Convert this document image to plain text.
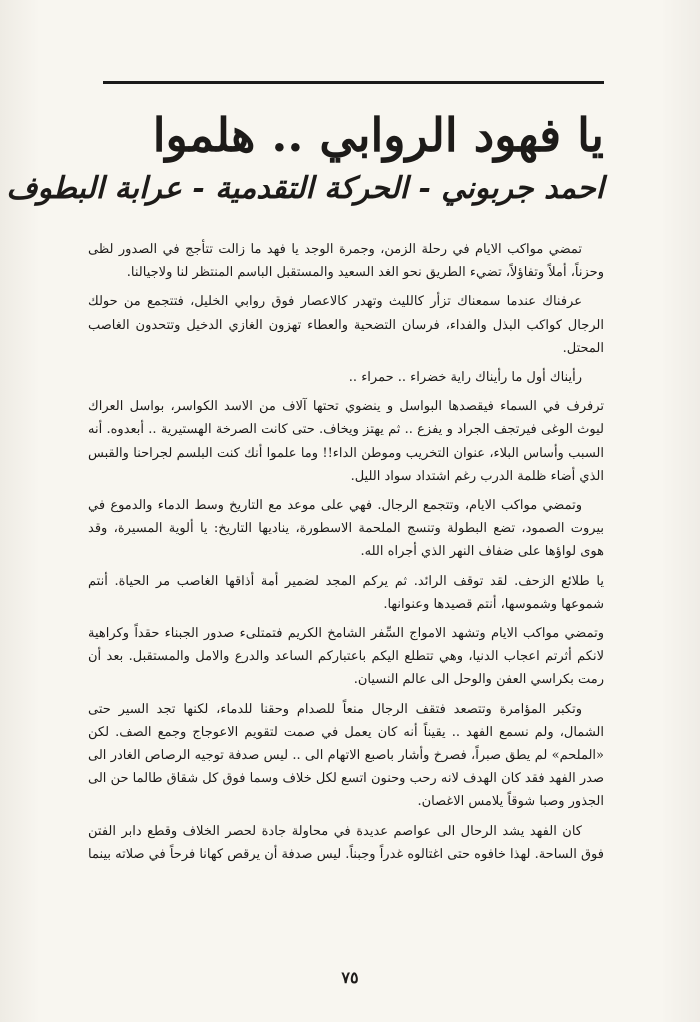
يا فهود الروابي .. هلموا
احمد جربوني - الحركة التقدمية - عرابة البطوف

تمضي مواكب الايام في رحلة الزمن، وجمرة الوجد يا فهد ما زالت تتأجج في الصدور لظى وحزناً، أملاً وتفاؤلاً، تضيء الطريق نحو الغد السعيد والمستقبل الباسم المنتظر لنا ولاجيالنا.

عرفناك عندما سمعناك تزأر كالليث وتهدر كالاعصار فوق روابي الخليل، فتتجمع من حولك الرجال كواكب البذل والفداء، فرسان التضحية والعطاء تهزون الغازي الدخيل وتتحدون الغاصب المحتل.

رأيناك أول ما رأيناك راية خضراء .. حمراء ..

ترفرف في السماء فيقصدها البواسل و ينضوي تحتها آلاف من الاسد الكواسر، بواسل العراك ليوث الوغى فيرتجف الجراد و يفزع .. ثم يهتز ويخاف. حتى كانت الصرخة الهستيرية .. أبعدوه. أنه السبب وأساس البلاء، عنوان التخريب وموطن الداء!! وما علموا أنك كنت البلسم لجراحنا والقبس الذي أضاء ظلمة الدرب رغم اشتداد سواد الليل.

وتمضي مواكب الايام، وتتجمع الرجال. فهي على موعد مع التاريخ وسط الدماء والدموع في بيروت الصمود، تضع البطولة وتنسج الملحمة الاسطورة، يناديها التاريخ: يا ألوية المسيرة، وقد هوى لواؤها على ضفاف النهر الذي أجراه الله.

يا طلائع الزحف. لقد توقف الرائد. ثم يركم المجد لضمير أمة أذاقها الغاصب مر الحياة. أنتم شموعها وشموسها، أنتم قصيدها وعنوانها.

وتمضي مواكب الايام وتشهد الامواج السِّفر الشامخ الكريم فتمتلىء صدور الجبناء حقداً وكراهية لانكم أثرتم اعجاب الدنيا، وهي تتطلع اليكم باعتباركم الساعد والدرع والامل والمستقبل. بعد أن رمت بكراسي العفن والوحل الى عالم النسيان.

وتكبر المؤامرة وتتصعد فتقف الرجال منعاً للصدام وحقنا للدماء، لكنها تجد السير حتى الشمال، ولم نسمع الفهد .. يقيناً أنه كان يعمل في صمت لتقويم الاعوجاج وجمع الصف. لكن «الملحم» لم يطق صبراً، فصرخ وأشار باصبع الاتهام الى .. ليس صدفة توجيه الرصاص الغادر الى صدر الفهد فقد كان الهدف لانه رحب وحنون اتسع لكل خلاف وسما فوق كل شقاق طالما حن الى الجذور وصبا شوقاً يلامس الاغصان.

كان الفهد يشد الرحال الى عواصم عديدة في محاولة جادة لحصر الخلاف وقطع دابر الفتن فوق الساحة. لهذا خافوه حتى اغتالوه غدراً وجبناً. ليس صدفة أن يرقص كهانا فرحاً في صلاته بينما

٧٥
